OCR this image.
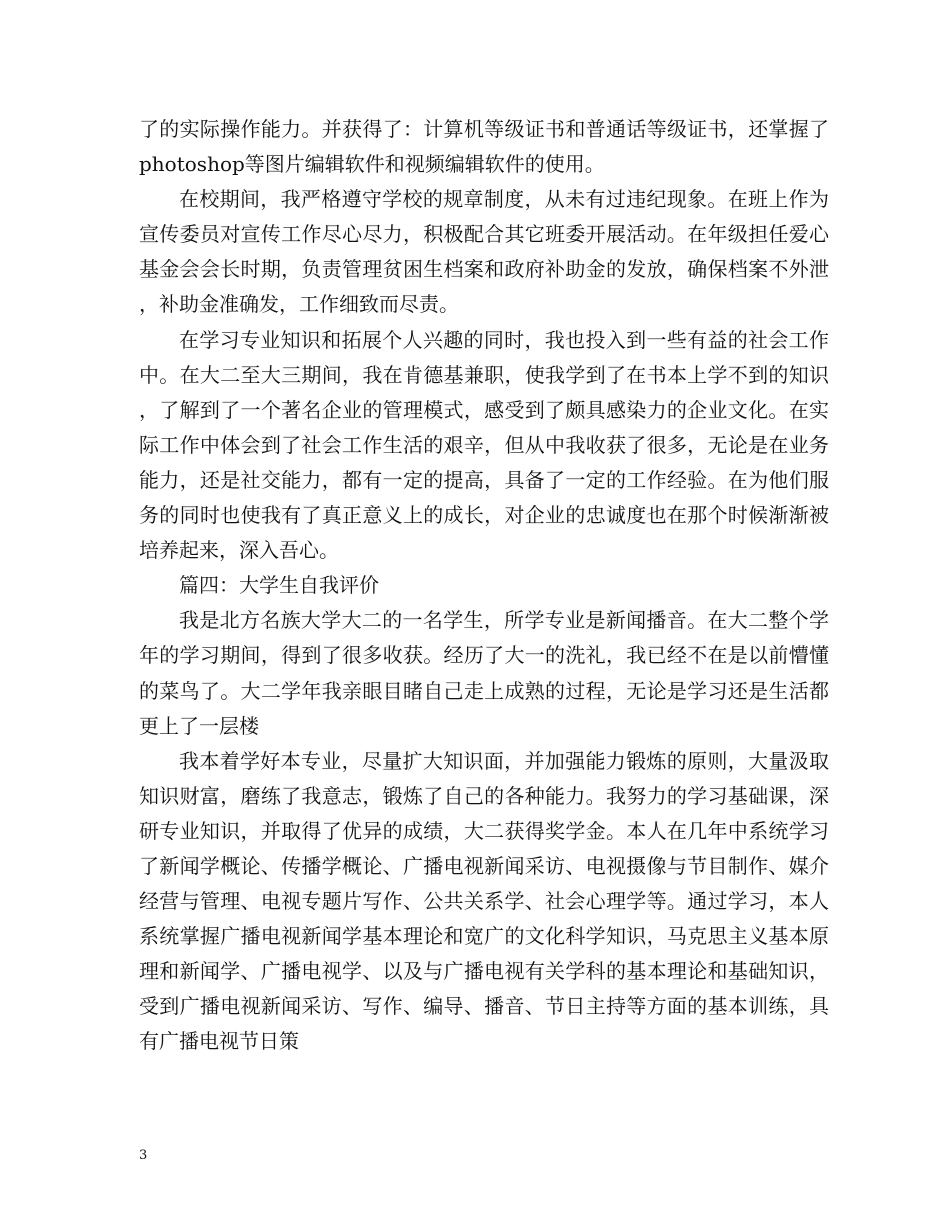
了的实际操作能力。并获得了：计算机等级证书和普通话等级证书，还掌握了photoshop等图片编辑软件和视频编辑软件的使用。

在校期间，我严格遵守学校的规章制度，从未有过违纪现象。在班上作为宣传委员对宣传工作尽心尽力，积极配合其它班委开展活动。在年级担任爱心基金会会长时期，负责管理贫困生档案和政府补助金的发放，确保档案不外泄，补助金准确发，工作细致而尽责。

在学习专业知识和拓展个人兴趣的同时，我也投入到一些有益的社会工作中。在大二至大三期间，我在肯德基兼职，使我学到了在书本上学不到的知识，了解到了一个著名企业的管理模式，感受到了颇具感染力的企业文化。在实际工作中体会到了社会工作生活的艰辛，但从中我收获了很多，无论是在业务能力，还是社交能力，都有一定的提高，具备了一定的工作经验。在为他们服务的同时也使我有了真正意义上的成长，对企业的忠诚度也在那个时候渐渐被培养起来，深入吾心。

篇四：大学生自我评价

我是北方名族大学大二的一名学生，所学专业是新闻播音。在大二整个学年的学习期间，得到了很多收获。经历了大一的洗礼，我已经不在是以前懵懂的菜鸟了。大二学年我亲眼目睹自己走上成熟的过程，无论是学习还是生活都更上了一层楼

我本着学好本专业，尽量扩大知识面，并加强能力锻炼的原则，大量汲取知识财富，磨练了我意志，锻炼了自己的各种能力。我努力的学习基础课，深研专业知识，并取得了优异的成绩，大二获得奖学金。本人在几年中系统学习了新闻学概论、传播学概论、广播电视新闻采访、电视摄像与节目制作、媒介经营与管理、电视专题片写作、公共关系学、社会心理学等。通过学习，本人系统掌握广播电视新闻学基本理论和宽广的文化科学知识，马克思主义基本原理和新闻学、广播电视学、以及与广播电视有关学科的基本理论和基础知识，受到广播电视新闻采访、写作、编导、播音、节日主持等方面的基本训练，具有广播电视节日策

3
